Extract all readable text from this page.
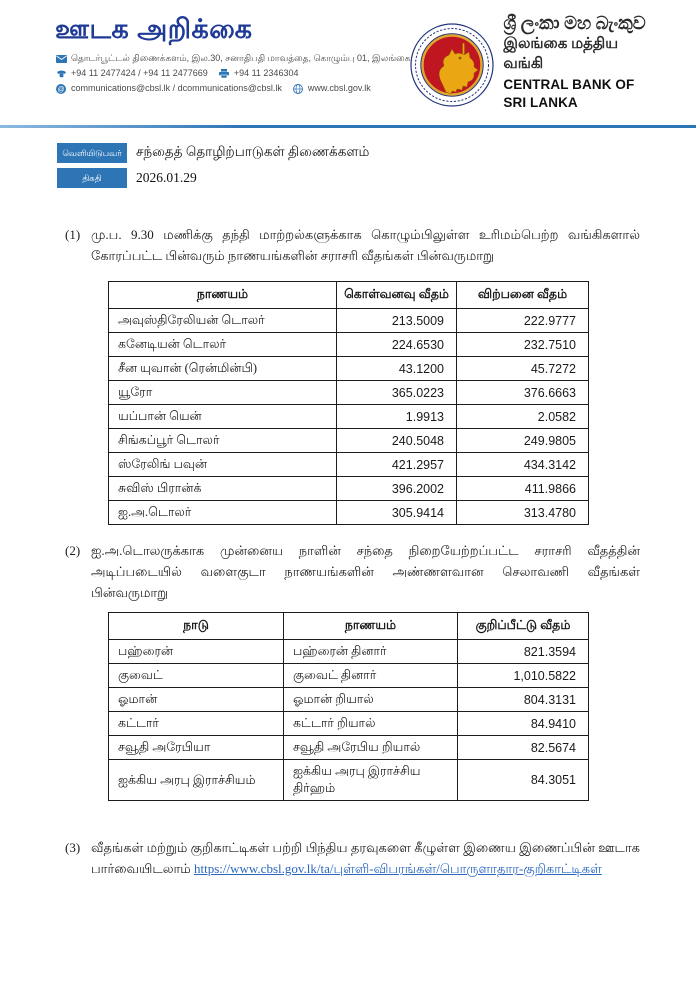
ஊடக அறிக்கை
தொடர்பூட்டல் திணைக்களம், இல.30, சனாதிபதி மாவத்தை, கொழும்பு 01, இலங்கை
+94 11 2477424 / +94 11 2477669	+94 11 2346304
@ communications@cbsl.lk / dcommunications@cbsl.lk	www.cbsl.gov.lk
ශ්‍රී ලංකා මහ බැංකුව
இலங்கை மத்திய வங்கி
CENTRAL BANK OF SRI LANKA
வெளியிடுபவர்	சந்தைத் தொழிற்பாடுகள் திணைக்களம்
திகதி	2026.01.29
(1) மு.ப. 9.30 மணிக்கு தந்தி மாற்றல்களுக்காக கொழும்பிலுள்ள உரிமம்பெற்ற வங்கிகளால் கோரப்பட்ட பின்வரும் நாணயங்களின் சராசரி வீதங்கள் பின்வருமாறு
நாணயம்	கொள்வனவு வீதம்	விற்பனை வீதம்
அவுஸ்திரேலியன் டொலர்	213.5009	222.9777
கனேடியன் டொலர்	224.6530	232.7510
சீன யுவான் (ரென்மின்பி)	43.1200	45.7272
யூரோ	365.0223	376.6663
யப்பான் யென்	1.9913	2.0582
சிங்கப்பூர் டொலர்	240.5048	249.9805
ஸ்ரேலிங் பவுன்	421.2957	434.3142
சுவிஸ் பிரான்க்	396.2002	411.9866
ஐ.அ.டொலர்	305.9414	313.4780
(2) ஐ.அ.டொலருக்காக முன்னைய நாளின் சந்தை நிறையேற்றப்பட்ட சராசரி வீதத்தின் அடிப்படையில் வளைகுடா நாணயங்களின் அண்ணளவான செலாவணி வீதங்கள் பின்வருமாறு
நாடு	நாணயம்	குறிப்பீட்டு வீதம்
பஹ்ரைன்	பஹ்ரைன் தினார்	821.3594
குவைட்	குவைட் தினார்	1,010.5822
ஓமான்	ஓமான் றியால்	804.3131
கட்டார்	கட்டார் றியால்	84.9410
சவூதி அரேபியா	சவூதி அரேபிய றியால்	82.5674
ஐக்கிய அரபு இராச்சியம்	ஐக்கிய அரபு இராச்சிய திர்ஹம்	84.3051
(3) வீதங்கள் மற்றும் குறிகாட்டிகள் பற்றி பிந்திய தரவுகளை கீழுள்ள இணைய இணைப்பின் ஊடாக பார்வையிடலாம் https://www.cbsl.gov.lk/ta/புள்ளி-விபரங்கள்/பொருளாதார-குறிகாட்டிகள்
